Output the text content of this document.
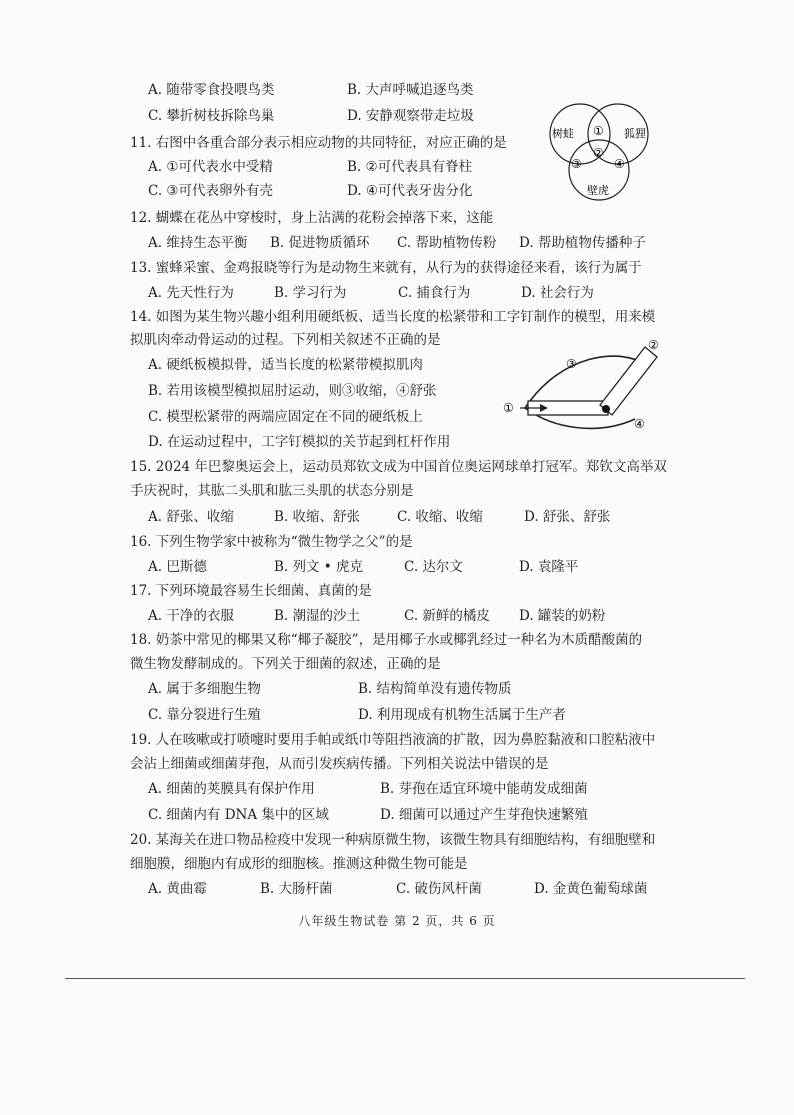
A. 随带零食投喂鸟类	B. 大声呼喊追逐鸟类
C. 攀折树枝拆除鸟巢	D. 安静观察带走垃圾
11. 右图中各重合部分表示相应动物的共同特征，对应正确的是
A. ①可代表水中受精	B. ②可代表具有脊柱
C. ③可代表卵外有壳	D. ④可代表牙齿分化
树蛙	狐狸
壁虎
①
②
③	④
12. 蝴蝶在花丛中穿梭时，身上沾满的花粉会掉落下来，这能
A. 维持生态平衡 B. 促进物质循环 C. 帮助植物传粉 D. 帮助植物传播种子
13. 蜜蜂采蜜、金鸡报晓等行为是动物生来就有，从行为的获得途径来看，该行为属于
A. 先天性行为	B. 学习行为	C. 捕食行为	D. 社会行为
14. 如图为某生物兴趣小组利用硬纸板、适当长度的松紧带和工字钉制作的模型，用来模
拟肌肉牵动骨运动的过程。下列相关叙述不正确的是
A. 硬纸板模拟骨，适当长度的松紧带模拟肌肉
B. 若用该模型模拟屈肘运动，则③收缩，④舒张
C. 模型松紧带的两端应固定在不同的硬纸板上
D. 在运动过程中，工字钉模拟的关节起到杠杆作用
①
②
③
④
15. 2024 年巴黎奥运会上，运动员郑钦文成为中国首位奥运网球单打冠军。郑钦文高举双
手庆祝时，其肱二头肌和肱三头肌的状态分别是
A. 舒张、收缩	B. 收缩、舒张	C. 收缩、收缩	D. 舒张、舒张
16. 下列生物学家中被称为“微生物学之父”的是
A. 巴斯德	B. 列文 • 虎克	C. 达尔文	D. 袁隆平
17. 下列环境最容易生长细菌、真菌的是
A. 干净的衣服	B. 潮湿的沙土	C. 新鲜的橘皮 D. 罐装的奶粉
18. 奶茶中常见的椰果又称“椰子凝胶”，是用椰子水或椰乳经过一种名为木质醋酸菌的
微生物发酵制成的。下列关于细菌的叙述，正确的是
A. 属于多细胞生物	B. 结构简单没有遗传物质
C. 靠分裂进行生殖	D. 利用现成有机物生活属于生产者
19. 人在咳嗽或打喷嚏时要用手帕或纸巾等阻挡液滴的扩散，因为鼻腔黏液和口腔粘液中
会沾上细菌或细菌芽孢，从而引发疾病传播。下列相关说法中错误的是
A. 细菌的荚膜具有保护作用	B. 芽孢在适宜环境中能萌发成细菌
C. 细菌内有 DNA 集中的区域	D. 细菌可以通过产生芽孢快速繁殖
20. 某海关在进口物品检疫中发现一种病原微生物，该微生物具有细胞结构，有细胞壁和
细胞膜，细胞内有成形的细胞核。推测这种微生物可能是
A. 黄曲霉	B. 大肠杆菌	C. 破伤风杆菌	D. 金黄色葡萄球菌
八年级生物试卷 第 2 页，共 6 页
